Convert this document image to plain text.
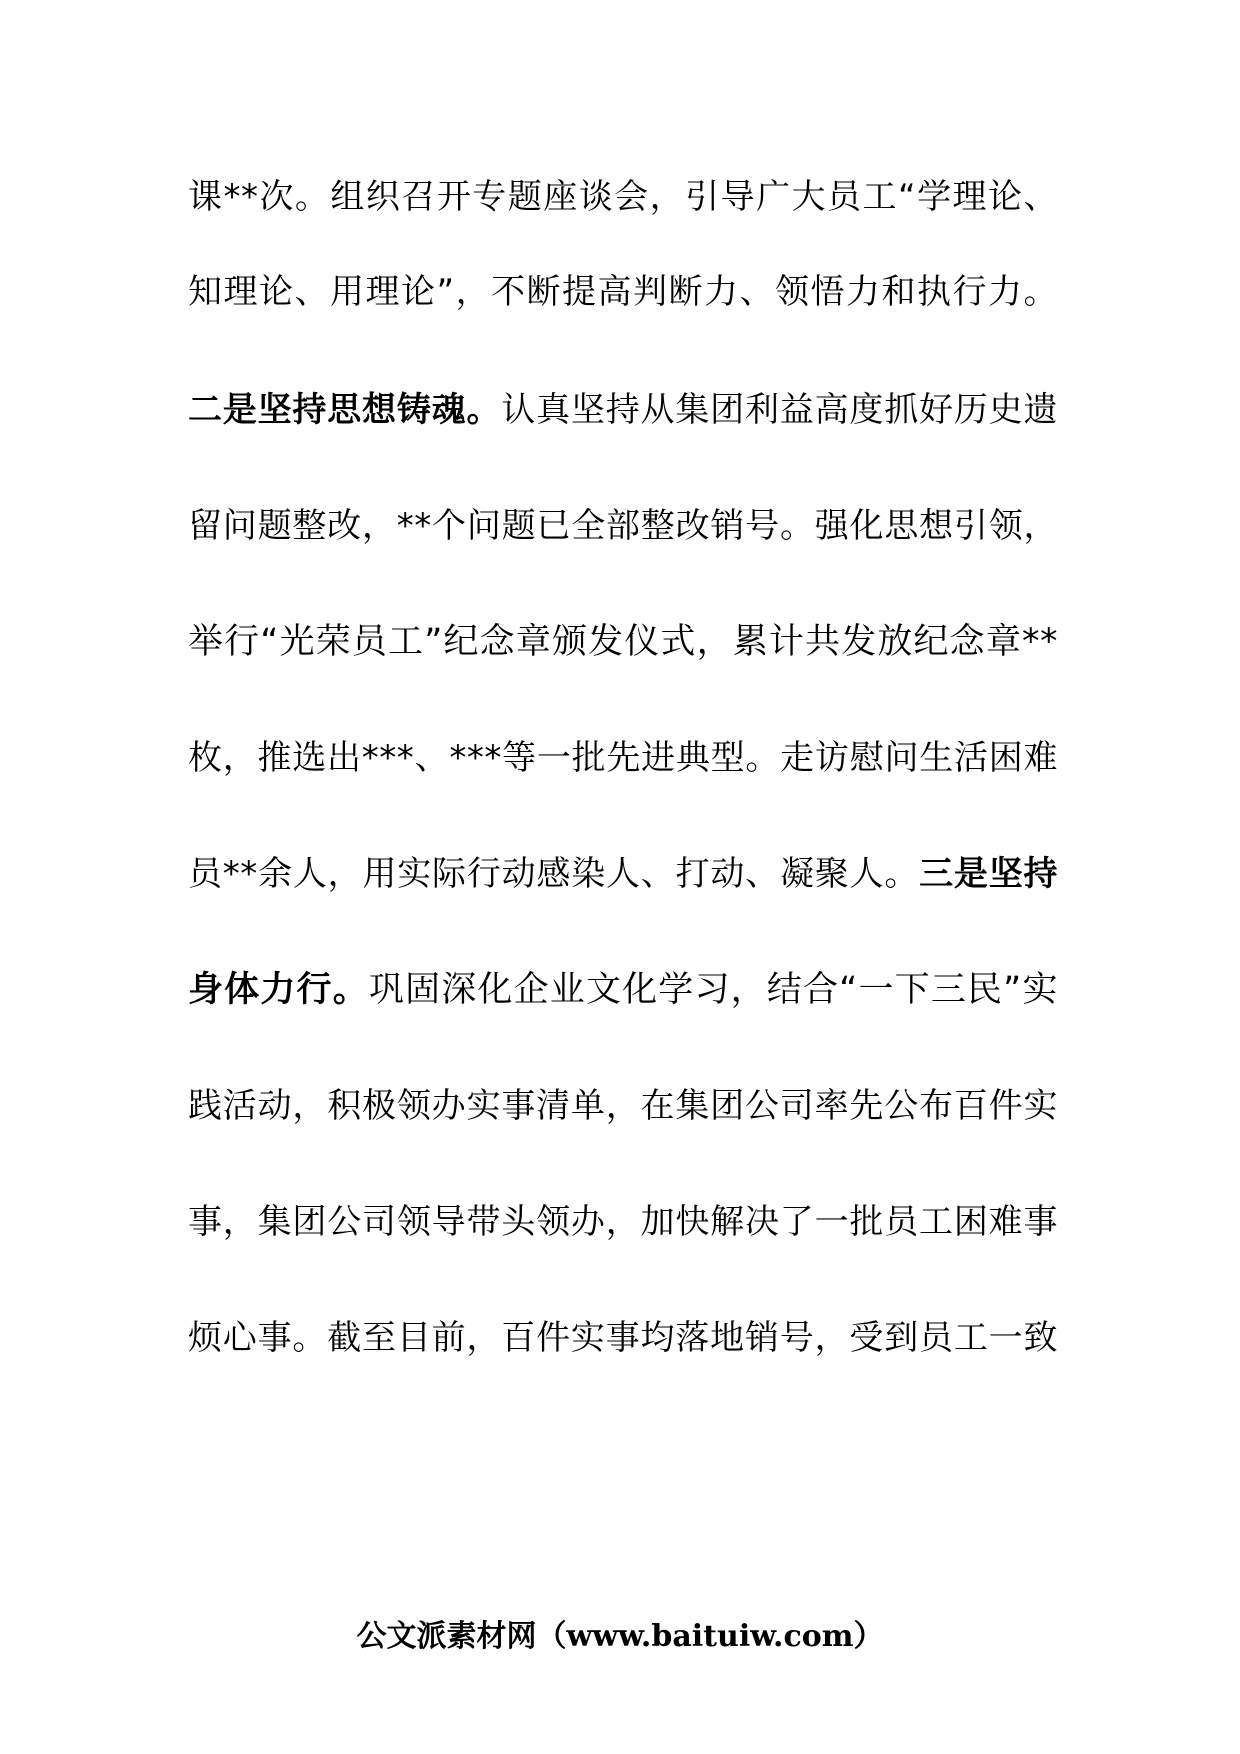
课**次。组织召开专题座谈会，引导广大员工“学理论、
知理论、用理论”，不断提高判断力、领悟力和执行力。
二是坚持思想铸魂。认真坚持从集团利益高度抓好历史遗
留问题整改，**个问题已全部整改销号。强化思想引领，
举行“光荣员工”纪念章颁发仪式，累计共发放纪念章**
枚，推选出***、***等一批先进典型。走访慰问生活困难
员**余人，用实际行动感染人、打动、凝聚人。三是坚持
身体力行。巩固深化企业文化学习，结合“一下三民”实
践活动，积极领办实事清单，在集团公司率先公布百件实
事，集团公司领导带头领办，加快解决了一批员工困难事
烦心事。截至目前，百件实事均落地销号，受到员工一致
公文派素材网（www.baituiw.com）
